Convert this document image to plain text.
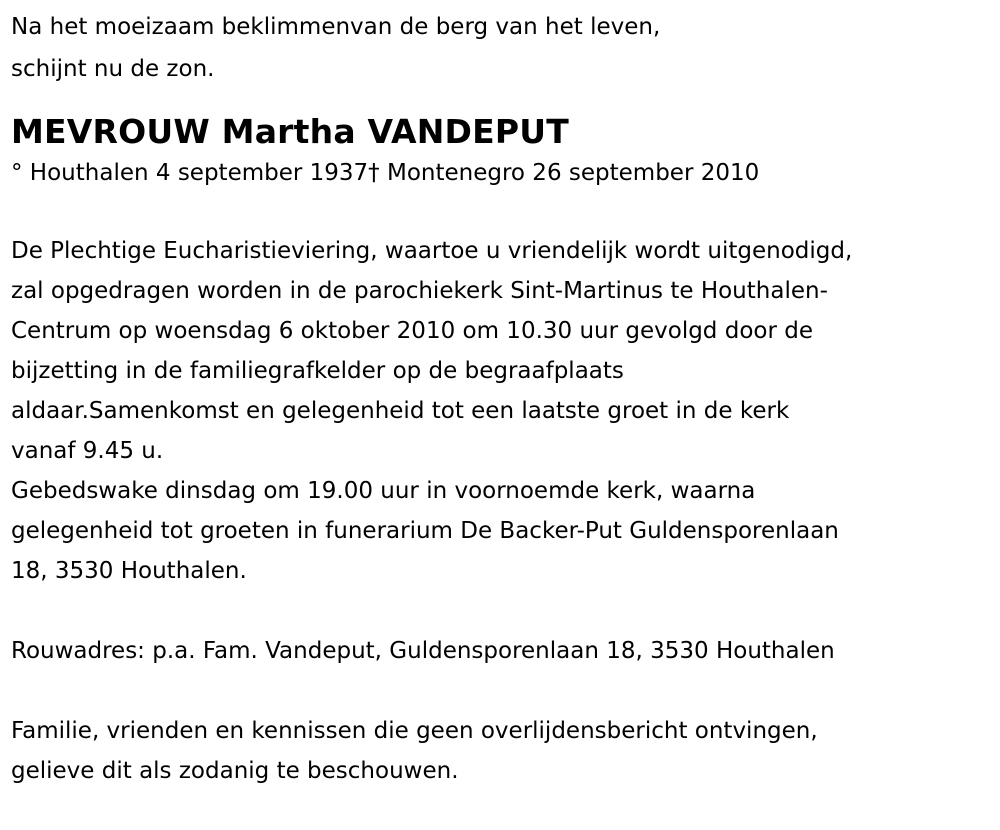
Na het moeizaam beklimmenvan de berg van het leven,

schijnt nu de zon.

MEVROUW Martha VANDEPUT

° Houthalen 4 september 1937† Montenegro 26 september 2010

De Plechtige Eucharistieviering, waartoe u vriendelijk wordt uitgenodigd,

zal opgedragen worden in de parochiekerk Sint-Martinus te Houthalen-

Centrum op woensdag 6 oktober 2010 om 10.30 uur gevolgd door de

bijzetting in de familiegrafkelder op de begraafplaats

aldaar.Samenkomst en gelegenheid tot een laatste groet in de kerk

vanaf 9.45 u.

Gebedswake dinsdag om 19.00 uur in voornoemde kerk, waarna

gelegenheid tot groeten in funerarium De Backer-Put Guldensporenlaan

18, 3530 Houthalen.

Rouwadres: p.a. Fam. Vandeput, Guldensporenlaan 18, 3530 Houthalen

Familie, vrienden en kennissen die geen overlijdensbericht ontvingen,

gelieve dit als zodanig te beschouwen.
